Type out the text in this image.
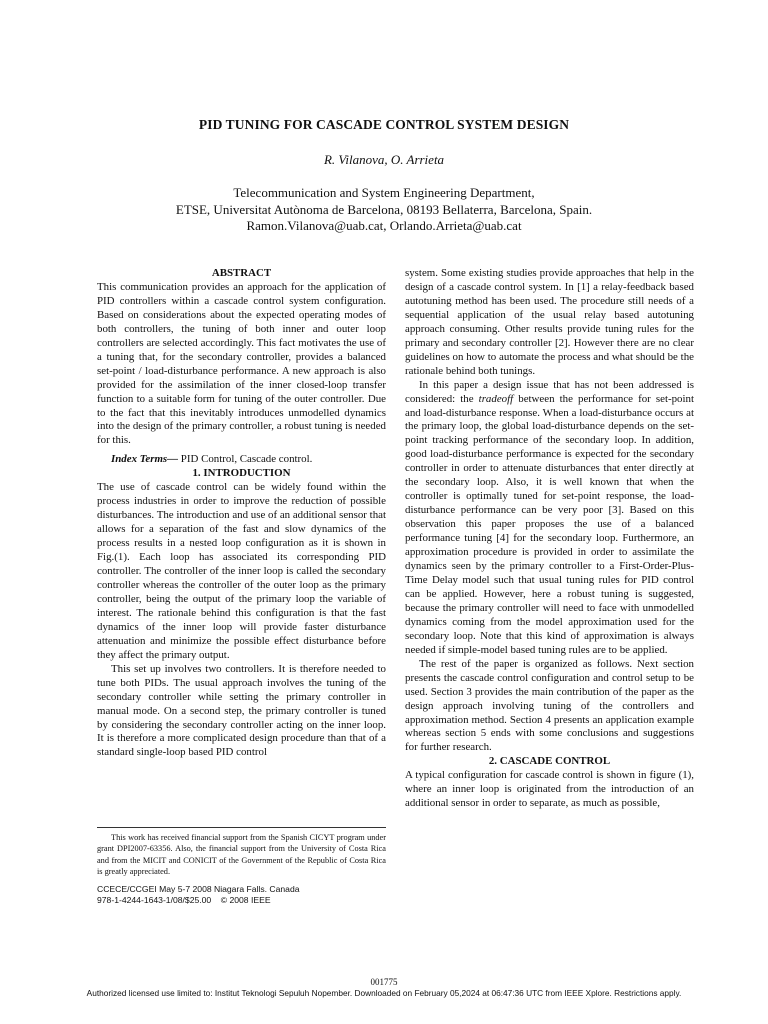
PID TUNING FOR CASCADE CONTROL SYSTEM DESIGN
R. Vilanova, O. Arrieta
Telecommunication and System Engineering Department,
ETSE, Universitat Autònoma de Barcelona, 08193 Bellaterra, Barcelona, Spain.
Ramon.Vilanova@uab.cat, Orlando.Arrieta@uab.cat

ABSTRACT

This communication provides an approach for the application of PID controllers within a cascade control system configuration. Based on considerations about the expected operating modes of both controllers, the tuning of both inner and outer loop controllers are selected accordingly. This fact motivates the use of a tuning that, for the secondary controller, provides a balanced set-point / load-disturbance performance. A new approach is also provided for the assimilation of the inner closed-loop transfer function to a suitable form for tuning of the outer controller. Due to the fact that this inevitably introduces unmodelled dynamics into the design of the primary controller, a robust tuning is needed for this.

Index Terms— PID Control, Cascade control.

1. INTRODUCTION

The use of cascade control can be widely found within the process industries in order to improve the reduction of possible disturbances. The introduction and use of an additional sensor that allows for a separation of the fast and slow dynamics of the process results in a nested loop configuration as it is shown in Fig.(1). Each loop has associated its corresponding PID controller. The controller of the inner loop is called the secondary controller whereas the controller of the outer loop as the primary controller, being the output of the primary loop the variable of interest. The rationale behind this configuration is that the fast dynamics of the inner loop will provide faster disturbance attenuation and minimize the possible effect disturbance before they affect the primary output.

This set up involves two controllers. It is therefore needed to tune both PIDs. The usual approach involves the tuning of the secondary controller while setting the primary controller in manual mode. On a second step, the primary controller is tuned by considering the secondary controller acting on the inner loop. It is therefore a more complicated design procedure than that of a standard single-loop based PID control

system. Some existing studies provide approaches that help in the design of a cascade control system. In [1] a relay-feedback based autotuning method has been used. The procedure still needs of a sequential application of the usual relay based autotuning approach consuming. Other results provide tuning rules for the primary and secondary controller [2]. However there are no clear guidelines on how to automate the process and what should be the rationale behind both tunings.

In this paper a design issue that has not been addressed is considered: the tradeoff between the performance for set-point and load-disturbance response. When a load-disturbance occurs at the primary loop, the global load-disturbance depends on the set-point tracking performance of the secondary loop. In addition, good load-disturbance performance is expected for the secondary controller in order to attenuate disturbances that enter directly at the secondary loop. Also, it is well known that when the controller is optimally tuned for set-point response, the load-disturbance performance can be very poor [3]. Based on this observation this paper proposes the use of a balanced performance tuning [4] for the secondary loop. Furthermore, an approximation procedure is provided in order to assimilate the dynamics seen by the primary controller to a First-Order-Plus-Time Delay model such that usual tuning rules for PID control can be applied. However, here a robust tuning is suggested, because the primary controller will need to face with unmodelled dynamics coming from the model approximation used for the secondary loop. Note that this kind of approximation is always needed if simple-model based tuning rules are to be applied.

The rest of the paper is organized as follows. Next section presents the cascade control configuration and control setup to be used. Section 3 provides the main contribution of the paper as the design approach involving tuning of the controllers and approximation method. Section 4 presents an application example whereas section 5 ends with some conclusions and suggestions for further research.

2. CASCADE CONTROL

A typical configuration for cascade control is shown in figure (1), where an inner loop is originated from the introduction of an additional sensor in order to separate, as much as possible,

This work has received financial support from the Spanish CICYT program under grant DPI2007-63356. Also, the financial support from the University of Costa Rica and from the MICIT and CONICIT of the Government of the Republic of Costa Rica is greatly appreciated.

CCECE/CCGEI May 5-7 2008 Niagara Falls. Canada
978-1-4244-1643-1/08/$25.00    © 2008 IEEE
001775
Authorized licensed use limited to: Institut Teknologi Sepuluh Nopember. Downloaded on February 05,2024 at 06:47:36 UTC from IEEE Xplore. Restrictions apply.
